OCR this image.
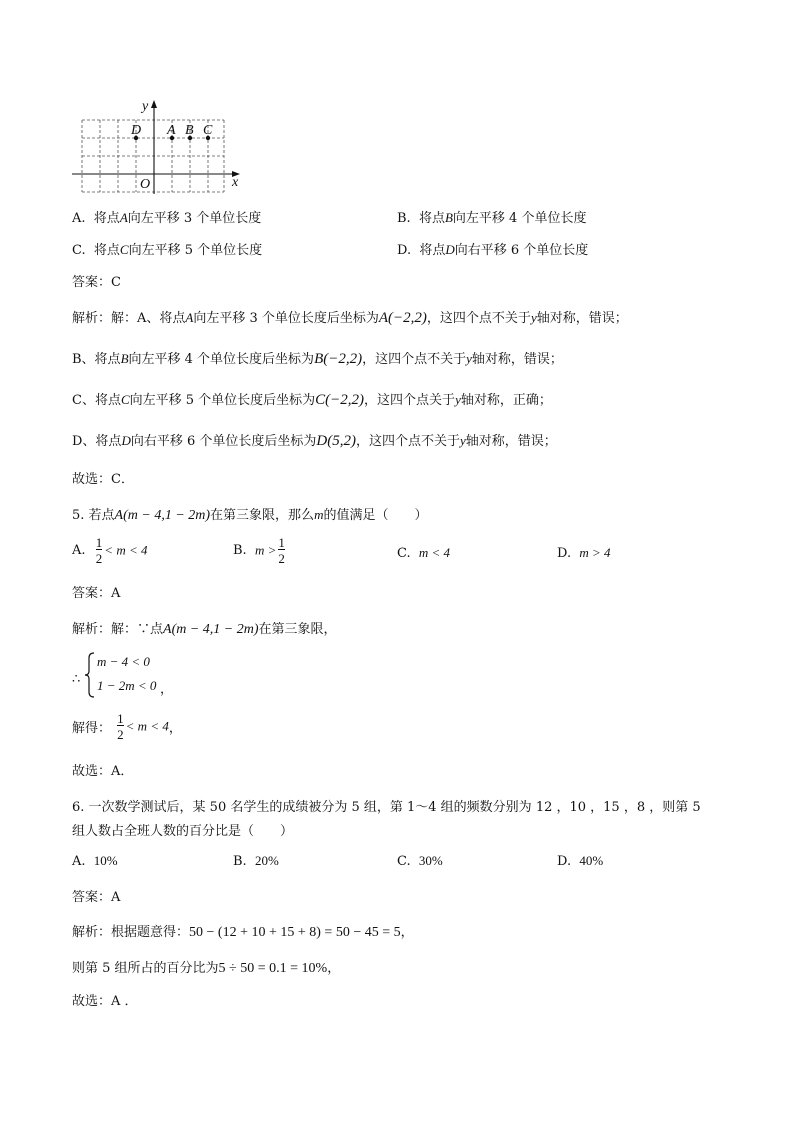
D A B C
O	x
y
A. 将点A向左平移 3 个单位长度	B. 将点B向左平移 4 个单位长度
C. 将点C向左平移 5 个单位长度	D. 将点D向右平移 6 个单位长度
答案：C
解析：解：A、将点A向左平移 3 个单位长度后坐标为A(−2,2)，这四个点不关于y轴对称，错误；
B、将点B向左平移 4 个单位长度后坐标为B(−2,2)，这四个点不关于y轴对称，错误；
C、将点C向左平移 5 个单位长度后坐标为C(−2,2)，这四个点关于y轴对称，正确；
D、将点D向右平移 6 个单位长度后坐标为D(5,2)，这四个点不关于y轴对称，错误；
故选：C．
5. 若点A(m − 4,1 − 2m)在第三象限，那么m的值满足（　　）
A. $\frac{1}{2} < m < 4$	B. $m > \frac{1}{2}$	C. m < 4	D. m > 4
答案：A
解析：解：∵点A(m − 4,1 − 2m)在第三象限，
∴
m − 4 < 0
1 − 2m < 0 ，
解得： $\frac{1}{2} < m < 4$，
故选：A．
6. 一次数学测试后，某 50 名学生的成绩被分为 5 组，第 1～4 组的频数分别为 12 ，10 ，15 ，8 ，则第 5
组人数占全班人数的百分比是（　　）
A. 10%	B. 20%	C. 30%	D. 40%
答案：A
解析：根据题意得：50 − (12 + 10 + 15 + 8) = 50 − 45 = 5，
则第 5 组所占的百分比为5 ÷ 50 = 0.1 = 10%，
故选：A ．
